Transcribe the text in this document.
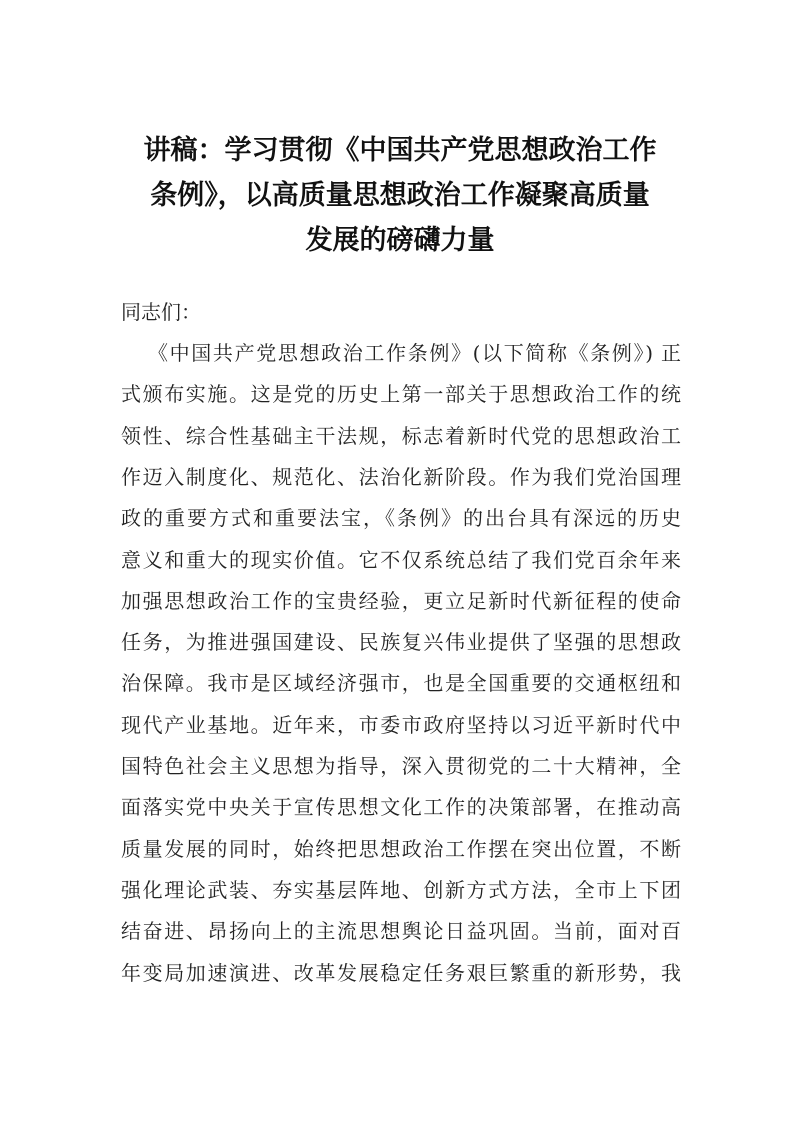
讲稿：学习贯彻《中国共产党思想政治工作
条例》，以高质量思想政治工作凝聚高质量
发展的磅礴力量
同志们：
《中国共产党思想政治工作条例》(以下简称《条例》) 正
式颁布实施。这是党的历史上第一部关于思想政治工作的统
领性、综合性基础主干法规，标志着新时代党的思想政治工
作迈入制度化、规范化、法治化新阶段。作为我们党治国理
政的重要方式和重要法宝，《条例》的出台具有深远的历史
意义和重大的现实价值。它不仅系统总结了我们党百余年来
加强思想政治工作的宝贵经验，更立足新时代新征程的使命
任务，为推进强国建设、民族复兴伟业提供了坚强的思想政
治保障。我市是区域经济强市，也是全国重要的交通枢纽和
现代产业基地。近年来，市委市政府坚持以习近平新时代中
国特色社会主义思想为指导，深入贯彻党的二十大精神，全
面落实党中央关于宣传思想文化工作的决策部署，在推动高
质量发展的同时，始终把思想政治工作摆在突出位置，不断
强化理论武装、夯实基层阵地、创新方式方法，全市上下团
结奋进、昂扬向上的主流思想舆论日益巩固。当前，面对百
年变局加速演进、改革发展稳定任务艰巨繁重的新形势，我
